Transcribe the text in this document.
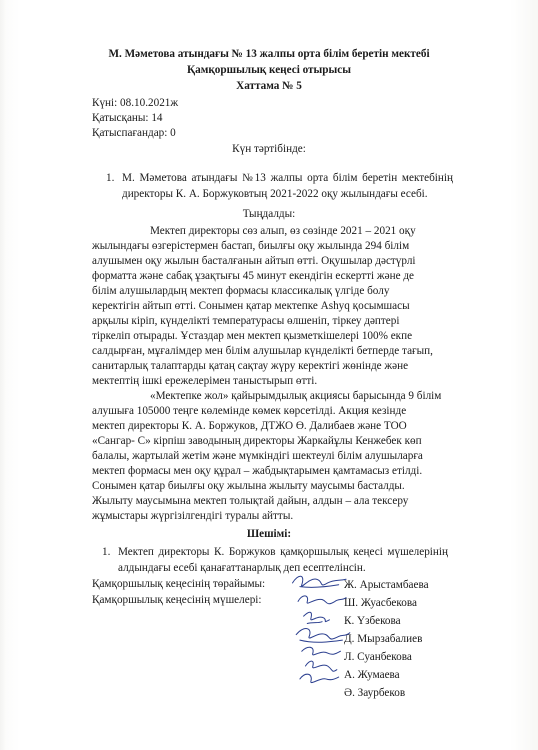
М. Мәметова атындағы № 13 жалпы орта білім беретін мектебі
Қамқоршылық кеңесі отырысы
Хаттама № 5
Күні: 08.10.2021ж
Қатысқаны: 14
Қатыспағандар: 0
Күн тәртібінде:
1. М. Мәметова атындағы №13 жалпы орта білім беретін мектебінің
директоры К. А. Боржуковтың 2021-2022 оқу жылындағы есебі.
Тыңдалды:
Мектеп директоры сөз алып, өз сөзінде 2021 – 2021 оқу
жылындағы өзгерістермен бастап, биылғы оқу жылында 294 білім
алушымен оқу жылын басталғанын айтып өтті. Оқушылар дәстүрлі
форматта және сабақ ұзақтығы 45 минут екендігін ескертті және де
білім алушылардың мектеп формасы классикалық үлгіде болу
керектігін айтып өтті. Сонымен қатар мектепке Ashyq қосымшасы
арқылы кіріп, күнделікті температурасы өлшеніп, тіркеу дәптері
тіркеліп отырады. Ұстаздар мен мектеп қызметкішелері 100% екпе
салдырған, мұғалімдер мен білім алушылар күнделікті бетперде тағып,
санитарлық талаптарды қатаң сақтау жүру керектігі жөнінде және
мектептің ішкі ережелерімен таныстырып өтті.
«Мектепке жол» қайырымдылық акциясы барысында 9 білім
алушыға 105000 теңге көлемінде көмек көрсетілді. Акция кезінде
мектеп директоры К. А. Боржуков, ДТЖО Ө. Далибаев және ТОО
«Сангар- С» кірпіш заводының директоры Жаркайұлы Кенжебек көп
балалы, жартылай жетім және мүмкіндігі шектеулі білім алушыларға
мектеп формасы мен оқу құрал – жабдықтарымен қамтамасыз етілді.
Сонымен қатар биылғы оқу жылына жылыту маусымы басталды.
Жылыту маусымына мектеп толықтай дайын, алдын – ала тексеру
жұмыстары жүргізілгендігі туралы айтты.
Шешімі:
1. Мектеп директоры К. Боржуков қамқоршылық кеңесі мүшелерінің
алдындағы есебі қанағаттанарлық деп есептелінсін.
Қамқоршылық кеңесінің төрайымы:
Қамқоршылық кеңесінің мүшелері:
Ж. Арыстамбаева
Ш. Жуасбекова
К. Үзбекова
Д. Мырзабалиев
Л. Суанбекова
А. Жумаева
Ә. Заурбеков
